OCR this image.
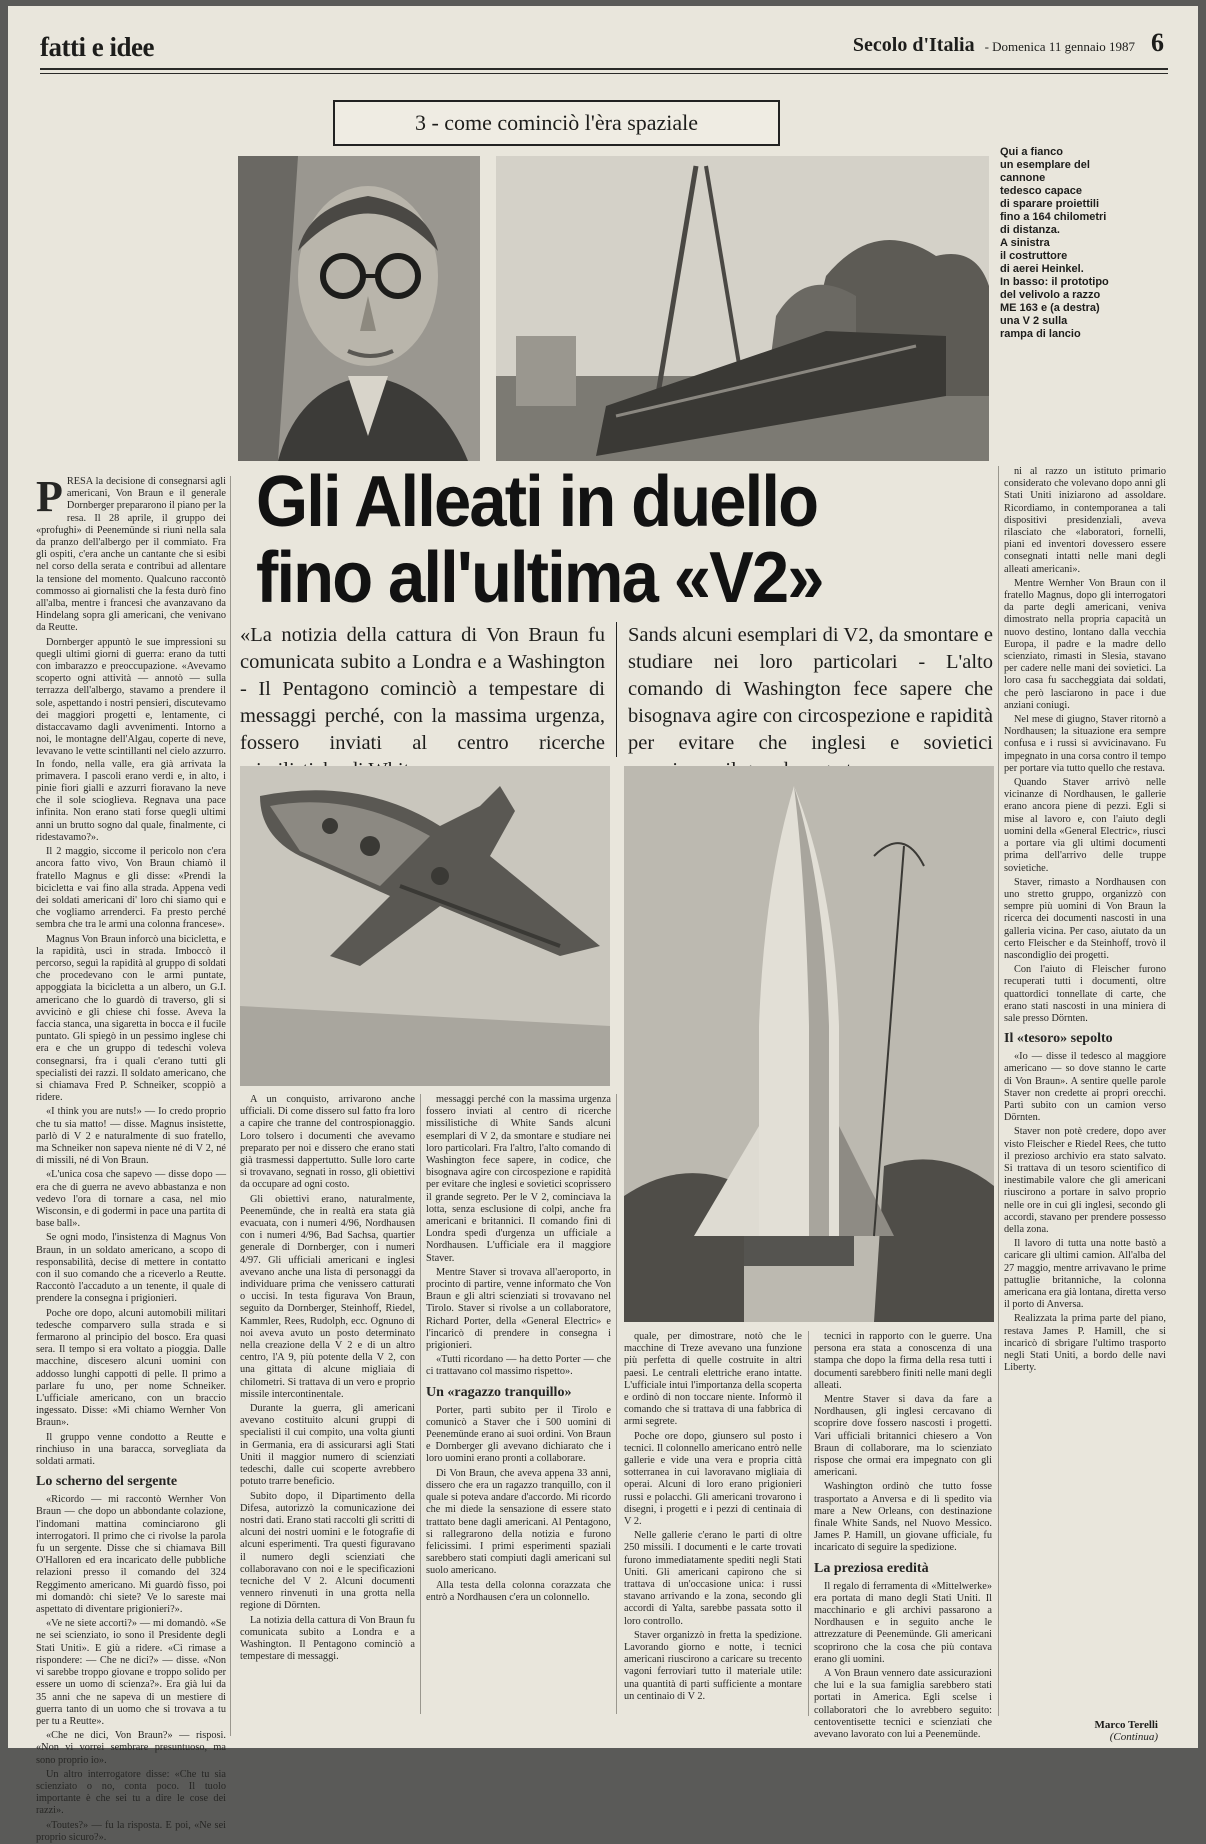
fatti e idee	Secolo d'Italia - Domenica 11 gennaio 1987 6
3 - come cominciò l'èra spaziale
Qui a fianco
un esemplare del
cannone
tedesco capace
di sparare proiettili
fino a 164 chilometri
di distanza.
A sinistra
il costruttore
di aerei Heinkel.
In basso: il prototipo
del velivolo a razzo
ME 163 e (a destra)
una V 2 sulla
rampa di lancio

PRESA la decisione di consegnarsi agli americani, Von Braun e il generale Dornberger prepararono il piano per la resa. Il 28 aprile, il gruppo dei «profughi» di Peenemünde si riunì nella sala da pranzo dell'albergo per il commiato. Fra gli ospiti, c'era anche un cantante che si esibì nel corso della serata e contribuì ad allentare la tensione del momento. Qualcuno raccontò commosso ai giornalisti che la festa durò fino all'alba, mentre i francesi che avanzavano da Hindelang sopra gli americani, che venivano da Reutte.

Dornberger appuntò le sue impressioni su quegli ultimi giorni di guerra: erano da tutti con imbarazzo e preoccupazione. «Avevamo scoperto ogni attività — annotò — sulla terrazza dell'albergo, stavamo a prendere il sole, aspettando i nostri pensieri, discutevamo dei maggiori progetti e, lentamente, ci distaccavamo dagli avvenimenti. Intorno a noi, le montagne dell'Algau, coperte di neve, levavano le vette scintillanti nel cielo azzurro. In fondo, nella valle, era già arrivata la primavera. I pascoli erano verdi e, in alto, i pinie fiori gialli e azzurri fioravano la neve che il sole scioglieva. Regnava una pace infinita. Non erano stati forse quegli ultimi anni un brutto sogno dal quale, finalmente, ci ridestavamo?».

Il 2 maggio, siccome il pericolo non c'era ancora fatto vivo, Von Braun chiamò il fratello Magnus e gli disse: «Prendi la bicicletta e vai fino alla strada. Appena vedi dei soldati americani di' loro chi siamo qui e che vogliamo arrenderci. Fa presto perché sembra che tra le armi una colonna francese».

Magnus Von Braun inforcò una bicicletta, e la rapidità, uscì in strada. Imboccò il percorso, seguì la rapidità al gruppo di soldati che procedevano con le armi puntate, appoggiata la bicicletta a un albero, un G.I. americano che lo guardò di traverso, gli si avvicinò e gli chiese chi fosse. Aveva la faccia stanca, una sigaretta in bocca e il fucile puntato. Gli spiegò in un pessimo inglese chi era e che un gruppo di tedeschi voleva consegnarsi, fra i quali c'erano tutti gli specialisti dei razzi. Il soldato americano, che si chiamava Fred P. Schneiker, scoppiò a ridere.

«I think you are nuts!» — Io credo proprio che tu sia matto! — disse. Magnus insistette, parlò di V 2 e naturalmente di suo fratello, ma Schneiker non sapeva niente né di V 2, né di missili, né di Von Braun.

«L'unica cosa che sapevo — disse dopo — era che di guerra ne avevo abbastanza e non vedevo l'ora di tornare a casa, nel mio Wisconsin, e di godermi in pace una partita di base ball».

Se ogni modo, l'insistenza di Magnus Von Braun, in un soldato americano, a scopo di responsabilità, decise di mettere in contatto con il suo comando che a riceverlo a Reutte. Raccontò l'accaduto a un tenente, il quale di prendere la consegna i prigionieri.

Poche ore dopo, alcuni automobili militari tedesche comparvero sulla strada e si fermarono al principio del bosco. Era quasi sera. Il tempo si era voltato a pioggia. Dalle macchine, discesero alcuni uomini con addosso lunghi cappotti di pelle. Il primo a parlare fu uno, per nome Schneiker. L'ufficiale americano, con un braccio ingessato. Disse: «Mi chiamo Wernher Von Braun».

Il gruppo venne condotto a Reutte e rinchiuso in una baracca, sorvegliata da soldati armati.

Lo scherno del sergente

«Ricordo — mi raccontò Wernher Von Braun — che dopo un abbondante colazione, l'indomani mattina cominciarono gli interrogatori. Il primo che ci rivolse la parola fu un sergente. Disse che si chiamava Bill O'Halloren ed era incaricato delle pubbliche relazioni presso il comando del 324 Reggimento americano. Mi guardò fisso, poi mi domandò: chi siete? Ve lo sareste mai aspettato di diventare prigionieri?».

«Ve ne siete accorti?» — mi domandò. «Se ne sei scienziato, io sono il Presidente degli Stati Uniti». E giù a ridere. «Ci rimase a rispondere: — Che ne dici?» — disse. «Non vi sarebbe troppo giovane e troppo solido per essere un uomo di scienza?». Era già lui da 35 anni che ne sapeva di un mestiere di guerra tanto di un uomo che si trovava a tu per tu a Reutte».

«Che ne dici, Von Braun?» — risposi. «Non vi vorrei sembrare presuntuoso, ma sono proprio io».

Un altro interrogatore disse: «Che tu sia scienziato o no, conta poco. Il tuolo importante è che sei tu a dire le cose dei razzi».

«Toutes?» — fu la risposta. E poi, «Ne sei proprio sicuro?».

Gli Alleati in duello
fino all'ultima «V2»
«La notizia della cattura di Von Braun fu comunicata subito a Londra e a Washington - Il Pentagono cominciò a tempestare di messaggi perché, con la massima urgenza, fossero inviati al centro ricerche
Sands alcuni esemplari di V2, da smontare e studiare nei loro particolari - L'alto comando di Washington fece sapere che bisognava agire con circospezione e rapidità per evitare che inglesi e sovietici

A un conquisto, arrivarono anche ufficiali. Di come dissero sul fatto fra loro a capire che tranne del controspionaggio. Loro tolsero i documenti che avevamo preparato per noi e dissero che erano stati già trasmessi dappertutto. Sulle loro carte si trovavano, segnati in rosso, gli obiettivi da occupare ad ogni costo.

Gli obiettivi erano, naturalmente, Peenemünde, che in realtà era stata già evacuata, con i numeri 4/96, Nordhausen con i numeri 4/96, Bad Sachsa, quartier generale di Dornberger, con i numeri 4/97. Gli ufficiali americani e inglesi avevano anche una lista di personaggi da individuare prima che venissero catturati o uccisi. In testa figurava Von Braun, seguito da Dornberger, Steinhoff, Riedel, Kammler, Rees, Rudolph, ecc. Ognuno di noi aveva avuto un posto determinato nella creazione della V 2 e di un altro centro, l'A 9, più potente della V 2, con una gittata di alcune migliaia di chilometri. Si trattava di un vero e proprio missile intercontinentale.

Durante la guerra, gli americani avevano costituito alcuni gruppi di specialisti il cui compito, una volta giunti in Germania, era di assicurarsi agli Stati Uniti il maggior numero di scienziati tedeschi, dalle cui scoperte avrebbero potuto trarre beneficio.

Subito dopo, il Dipartimento della Difesa, autorizzò la comunicazione dei nostri dati. Erano stati raccolti gli scritti di alcuni dei nostri uomini e le fotografie di alcuni esperimenti. Tra questi figuravano il numero degli scienziati che collaboravano con noi e le specificazioni tecniche del V 2. Alcuni documenti vennero rinvenuti in una grotta nella regione di Dörnten.

La notizia della cattura di Von Braun fu comunicata subito a Londra e a Washington. Il Pentagono cominciò a tempestare di messaggi.

messaggi perché con la massima urgenza fossero inviati al centro di ricerche missilistiche di White Sands alcuni esemplari di V 2, da smontare e studiare nei loro particolari. Fra l'altro, l'alto comando di Washington fece sapere, in codice, che bisognava agire con circospezione e rapidità per evitare che inglesi e sovietici scoprissero il grande segreto. Per le V 2, cominciava la lotta, senza esclusione di colpi, anche fra americani e britannici. Il comando finì di Londra spedì d'urgenza un ufficiale a Nordhausen. L'ufficiale era il maggiore Staver.

Mentre Staver si trovava all'aeroporto, in procinto di partire, venne informato che Von Braun e gli altri scienziati si trovavano nel Tirolo. Staver si rivolse a un collaboratore, Richard Porter, della «General Electric» e l'incaricò di prendere in consegna i prigionieri.

«Tutti ricordano — ha detto Porter — che ci trattavano col massimo rispetto».

Un «ragazzo tranquillo»

Porter, partì subito per il Tirolo e comunicò a Staver che i 500 uomini di Peenemünde erano ai suoi ordini. Von Braun e Dornberger gli avevano dichiarato che i loro uomini erano pronti a collaborare.

Di Von Braun, che aveva appena 33 anni, dissero che era un ragazzo tranquillo, con il quale si poteva andare d'accordo. Mi ricordo che mi diede la sensazione di essere stato trattato bene dagli americani. Al Pentagono, si rallegrarono della notizia e furono felicissimi. I primi esperimenti spaziali sarebbero stati compiuti dagli americani sul suolo americano.

Alla testa della colonna corazzata che entrò a Nordhausen c'era un colonnello.

quale, per dimostrare, notò che le macchine di Treze avevano una funzione più perfetta di quelle costruite in altri paesi. Le centrali elettriche erano intatte. L'ufficiale intuì l'importanza della scoperta e ordinò di non toccare niente. Informò il comando che si trattava di una fabbrica di armi segrete.

Poche ore dopo, giunsero sul posto i tecnici. Il colonnello americano entrò nelle gallerie e vide una vera e propria città sotterranea in cui lavoravano migliaia di operai. Alcuni di loro erano prigionieri russi e polacchi. Gli americani trovarono i disegni, i progetti e i pezzi di centinaia di V 2.

Nelle gallerie c'erano le parti di oltre 250 missili. I documenti e le carte trovati furono immediatamente spediti negli Stati Uniti. Gli americani capirono che si trattava di un'occasione unica: i russi stavano arrivando e la zona, secondo gli accordi di Yalta, sarebbe passata sotto il loro controllo.

Staver organizzò in fretta la spedizione. Lavorando giorno e notte, i tecnici americani riuscirono a caricare su trecento vagoni ferroviari tutto il materiale utile: una quantità di parti sufficiente a montare un centinaio di V 2.

tecnici in rapporto con le guerre. Una persona era stata a conoscenza di una stampa che dopo la firma della resa tutti i documenti sarebbero finiti nelle mani degli alleati.

Mentre Staver si dava da fare a Nordhausen, gli inglesi cercavano di scoprire dove fossero nascosti i progetti. Vari ufficiali britannici chiesero a Von Braun di collaborare, ma lo scienziato rispose che ormai era impegnato con gli americani.

Washington ordinò che tutto fosse trasportato a Anversa e di lì spedito via mare a New Orleans, con destinazione finale White Sands, nel Nuovo Messico. James P. Hamill, un giovane ufficiale, fu incaricato di seguire la spedizione.

La preziosa eredità

Il regalo di ferramenta di «Mittelwerke» era portata di mano degli Stati Uniti. Il macchinario e gli archivi passarono a Nordhausen e in seguito anche le attrezzature di Peenemünde. Gli americani scoprirono che la cosa che più contava erano gli uomini.

A Von Braun vennero date assicurazioni che lui e la sua famiglia sarebbero stati portati in America. Egli scelse i collaboratori che lo avrebbero seguito: centoventisette tecnici e scienziati che avevano lavorato con lui a Peenemünde.

ni al razzo un istituto primario considerato che volevano dopo anni gli Stati Uniti iniziarono ad assoldare. Ricordiamo, in contemporanea a tali dispositivi presidenziali, aveva rilasciato che «laboratori, fornelli, piani ed inventori dovessero essere consegnati intatti nelle mani degli alleati americani».

Mentre Wernher Von Braun con il fratello Magnus, dopo gli interrogatori da parte degli americani, veniva dimostrato nella propria capacità un nuovo destino, lontano dalla vecchia Europa, il padre e la madre dello scienziato, rimasti in Slesia, stavano per cadere nelle mani dei sovietici. La loro casa fu saccheggiata dai soldati, che però lasciarono in pace i due anziani coniugi.

Nel mese di giugno, Staver ritornò a Nordhausen; la situazione era sempre confusa e i russi si avvicinavano. Fu impegnato in una corsa contro il tempo per portare via tutto quello che restava.

Quando Staver arrivò nelle vicinanze di Nordhausen, le gallerie erano ancora piene di pezzi. Egli si mise al lavoro e, con l'aiuto degli uomini della «General Electric», riuscì a portare via gli ultimi documenti prima dell'arrivo delle truppe sovietiche.

Staver, rimasto a Nordhausen con uno stretto gruppo, organizzò con sempre più uomini di Von Braun la ricerca dei documenti nascosti in una galleria vicina. Per caso, aiutato da un certo Fleischer e da Steinhoff, trovò il nascondiglio dei progetti.

Con l'aiuto di Fleischer furono recuperati tutti i documenti, oltre quattordici tonnellate di carte, che erano stati nascosti in una miniera di sale presso Dörnten.

Il «tesoro» sepolto

«Io — disse il tedesco al maggiore americano — so dove stanno le carte di Von Braun». A sentire quelle parole Staver non credette ai propri orecchi. Partì subito con un camion verso Dörnten.

Staver non potè credere, dopo aver visto Fleischer e Riedel Rees, che tutto il prezioso archivio era stato salvato. Si trattava di un tesoro scientifico di inestimabile valore che gli americani riuscirono a portare in salvo proprio nelle ore in cui gli inglesi, secondo gli accordi, stavano per prendere possesso della zona.

Il lavoro di tutta una notte bastò a caricare gli ultimi camion. All'alba del 27 maggio, mentre arrivavano le prime pattuglie britanniche, la colonna americana era già lontana, diretta verso il porto di Anversa.

Realizzata la prima parte del piano, restava James P. Hamill, che si incaricò di sbrigare l'ultimo trasporto negli Stati Uniti, a bordo delle navi Liberty.

Marco Terelli
(Continua)
